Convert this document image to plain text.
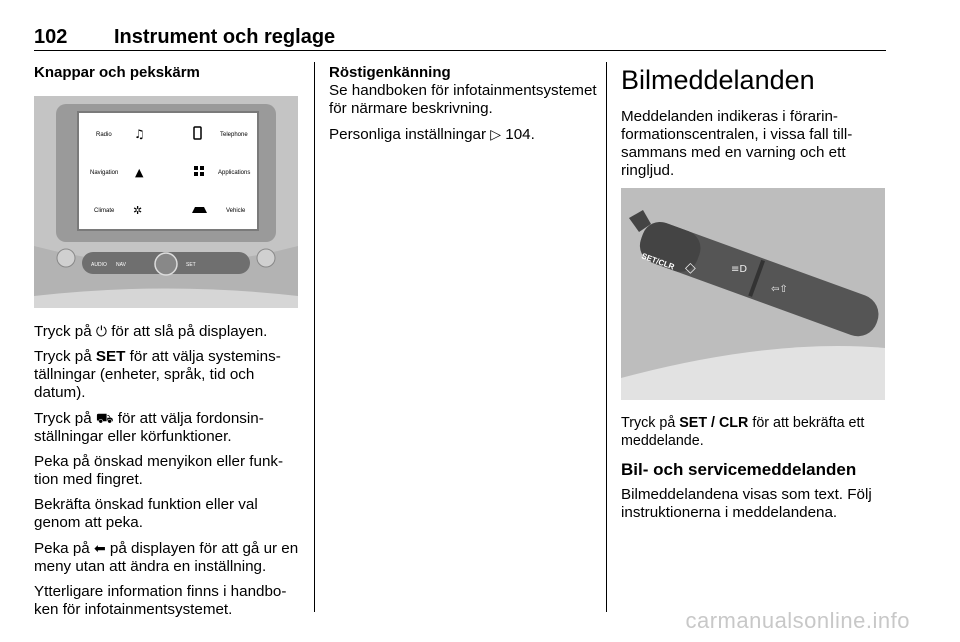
102 Instrument och reglage
Knappar och pekskärm
Radio ♫	Telephone
Navigation ▲	Applications
Climate ✲	Vehicle
AUDIO NAV	SET

Tryck på ⏻ för att slå på displayen.

Tryck på SET för att välja systeminställningar (enheter, språk, tid och datum).

Tryck på ⛟ för att välja fordonsinställningar eller körfunktioner.

Peka på önskad menyikon eller funktion med fingret.

Bekräfta önskad funktion eller val genom att peka.

Peka på ⬅ på displayen för att gå ur en meny utan att ändra en inställning.

Ytterligare information finns i handboken för infotainmentsystemet.

Röstigenkänning

Se handboken för infotainmentsystemet för närmare beskrivning.

Personliga inställningar ▷ 104.

Bilmeddelanden

Meddelanden indikeras i förarinformationscentralen, i vissa fall tillsammans med en varning och ett ringljud.

SET/CLR ◇	≡D
⇦⇧

Tryck på SET / CLR för att bekräfta ett meddelande.

Bil- och servicemeddelanden

Bilmeddelandena visas som text. Följ instruktionerna i meddelandena.

carmanualsonline.info
